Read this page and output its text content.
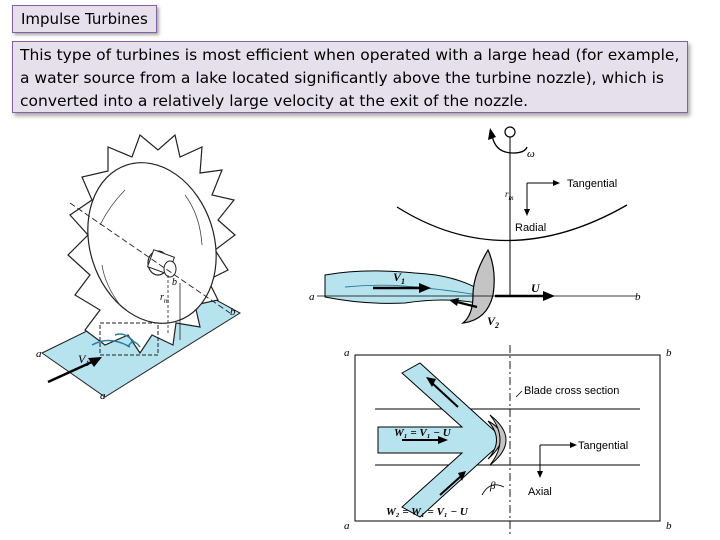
Impulse Turbines
This type of turbines is most efficient when operated with a large head (for example, a water source from a lake located significantly above the turbine nozzle), which is converted into a relatively large velocity at the exit of the nozzle.
$V_1$
a
a
b
b
$r_m$
ω
Tangential
Radial
$r_m$
$V_1$	U
$V_2$
a	b
a	b
a	b
Blade cross section
W₁ = V₁ − U
W₂ = W₁ = V₁ − U
β
Tangential
Axial
